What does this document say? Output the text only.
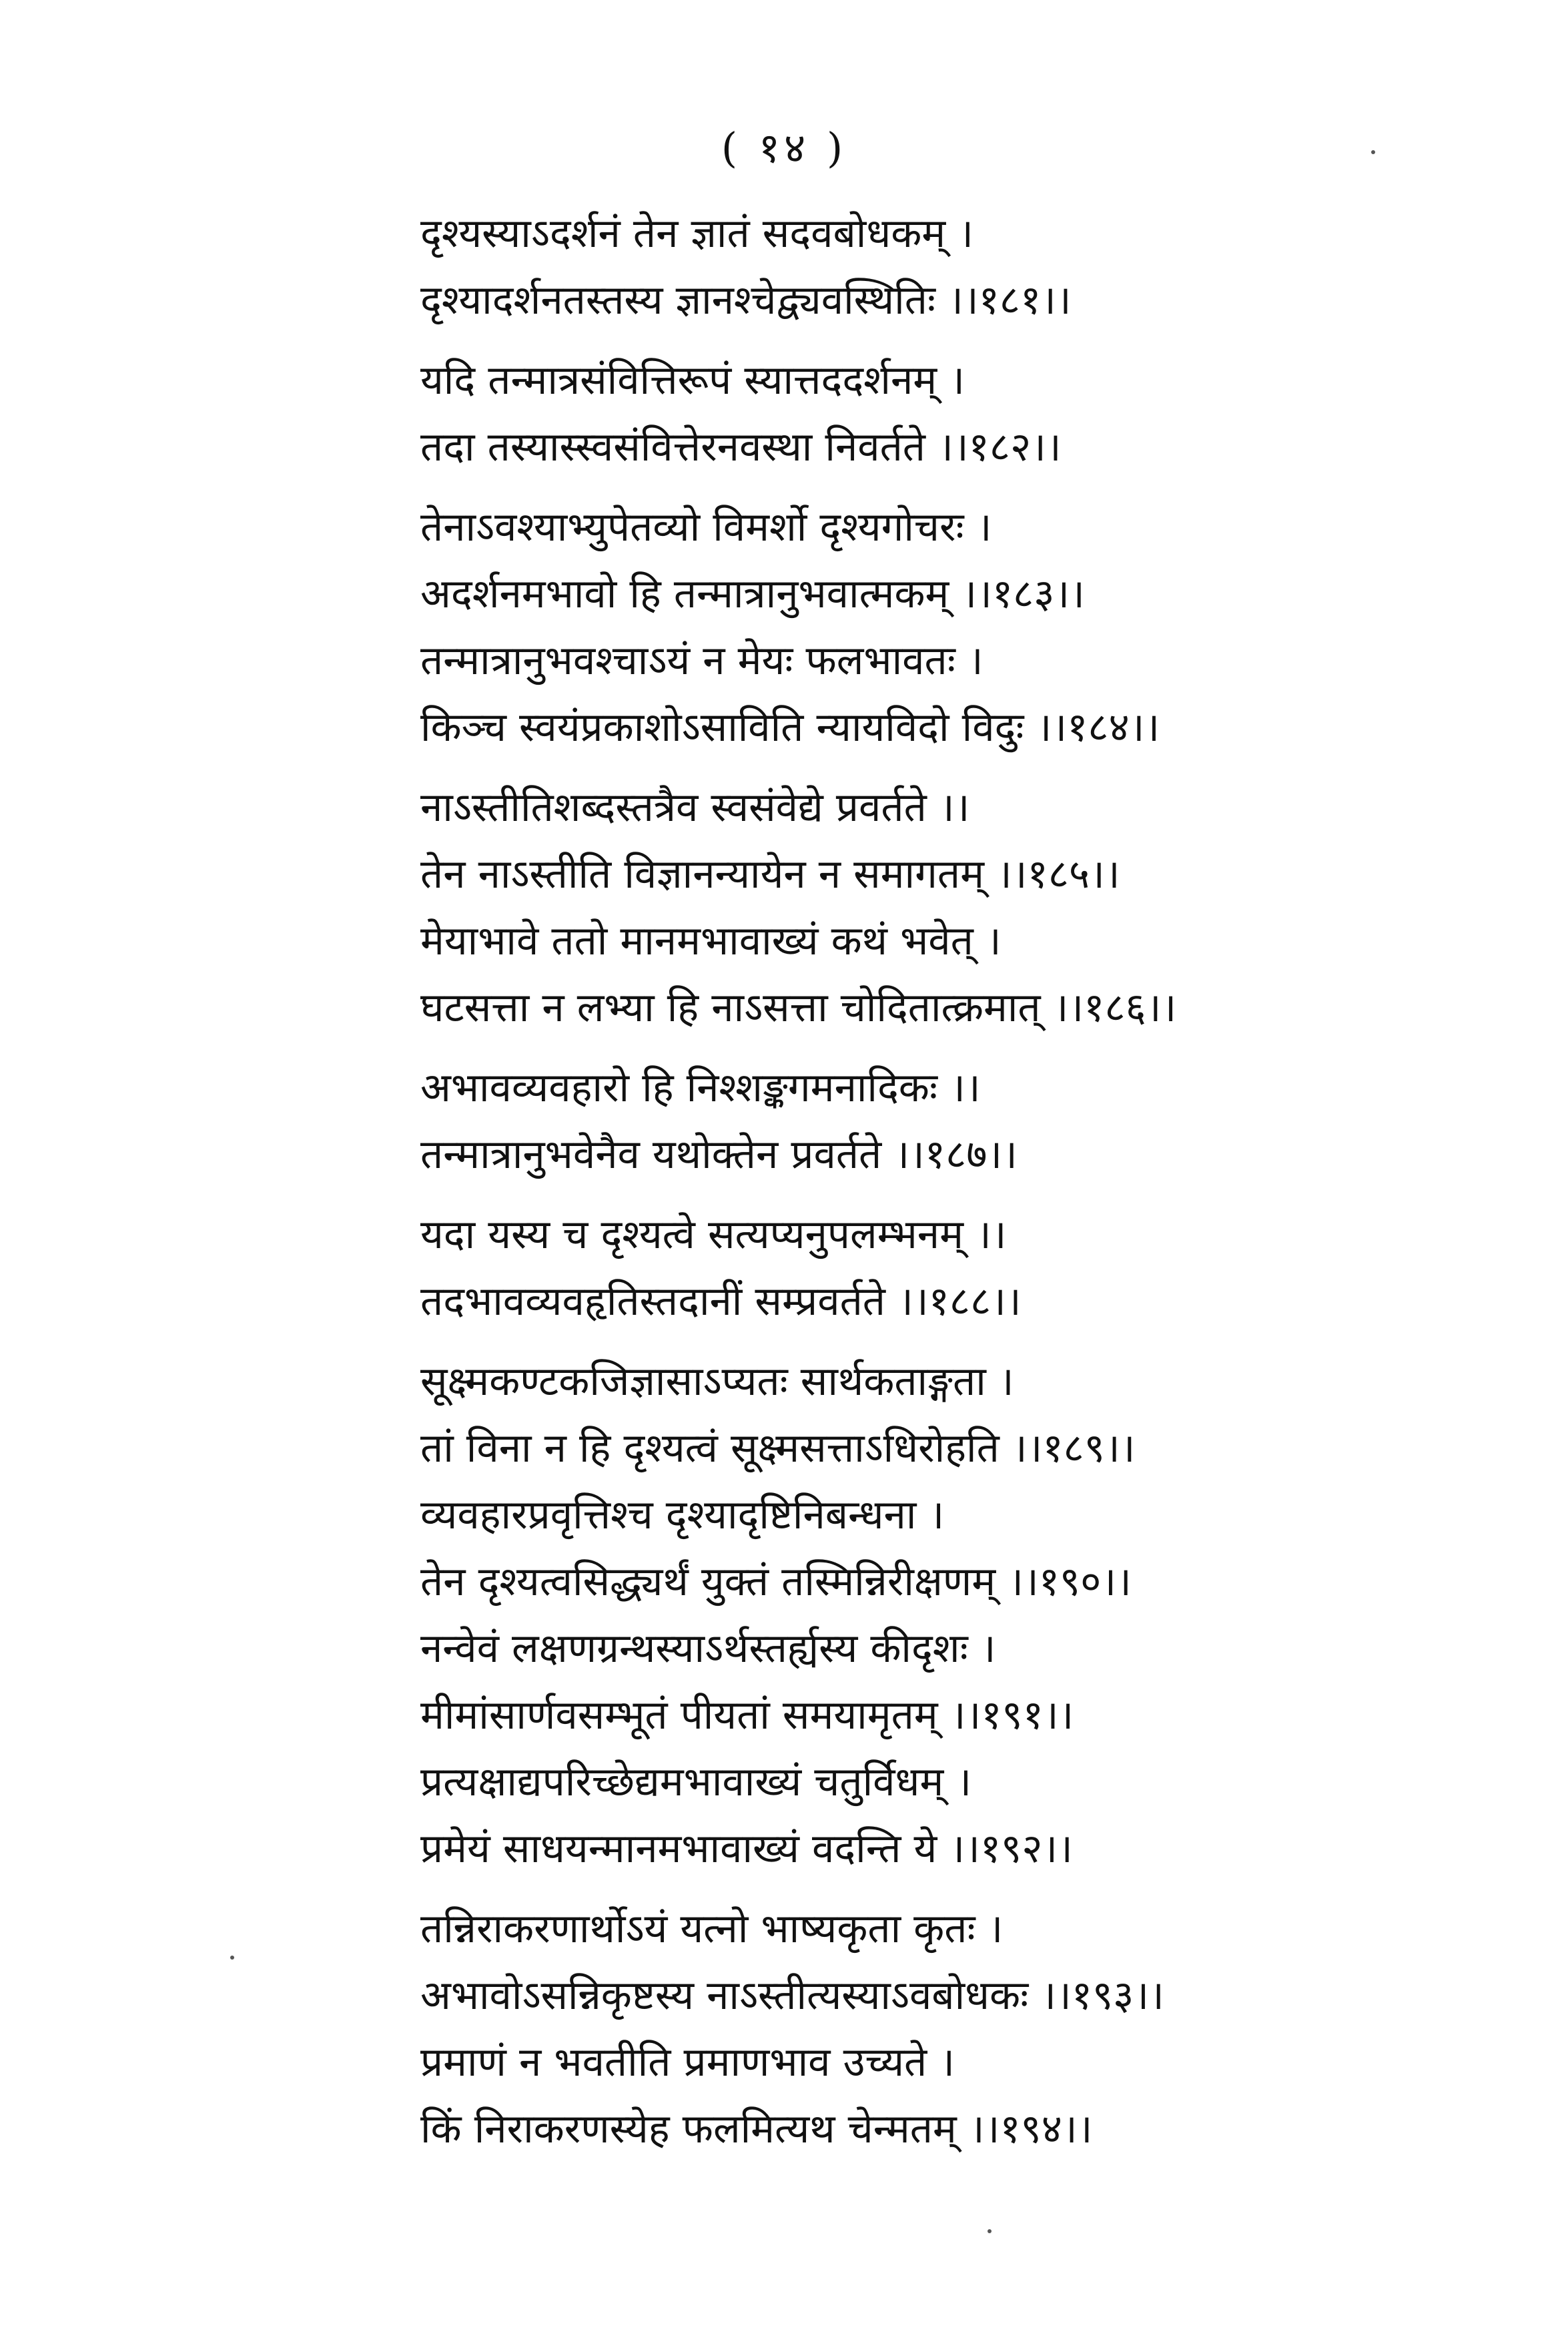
( १४ )
दृश्यस्याऽदर्शनं तेन ज्ञातं सदवबोधकम् ।
दृश्यादर्शनतस्तस्य ज्ञानश्चेद्व्यवस्थितिः ।।१८१।।
यदि तन्मात्रसंवित्तिरूपं स्यात्तददर्शनम् ।
तदा तस्यास्स्वसंवित्तेरनवस्था निवर्तते ।।१८२।।
तेनाऽवश्याभ्युपेतव्यो विमर्शो दृश्यगोचरः ।
अदर्शनमभावो हि तन्मात्रानुभवात्मकम् ।।१८३।।
तन्मात्रानुभवश्चाऽयं न मेयः फलभावतः ।
किञ्च स्वयंप्रकाशोऽसाविति न्यायविदो विदुः ।।१८४।।
नाऽस्तीतिशब्दस्तत्रैव स्वसंवेद्ये प्रवर्तते ।।
तेन नाऽस्तीति विज्ञानन्यायेन न समागतम् ।।१८५।।
मेयाभावे ततो मानमभावाख्यं कथं भवेत् ।
घटसत्ता न लभ्या हि नाऽसत्ता चोदितात्क्रमात् ।।१८६।।
अभावव्यवहारो हि निश्शङ्कगमनादिकः ।।
तन्मात्रानुभवेनैव यथोक्तेन प्रवर्तते ।।१८७।।
यदा यस्य च दृश्यत्वे सत्यप्यनुपलम्भनम् ।।
तदभावव्यवहृतिस्तदानीं सम्प्रवर्तते ।।१८८।।
सूक्ष्मकण्टकजिज्ञासाऽप्यतः सार्थकताङ्गता ।
तां विना न हि दृश्यत्वं सूक्ष्मसत्ताऽधिरोहति ।।१८९।।
व्यवहारप्रवृत्तिश्च दृश्यादृष्टिनिबन्धना ।
तेन दृश्यत्वसिद्ध्यर्थं युक्तं तस्मिन्निरीक्षणम् ।।१९०।।
नन्वेवं लक्षणग्रन्थस्याऽर्थस्तर्ह्यस्य कीदृशः ।
मीमांसार्णवसम्भूतं पीयतां समयामृतम् ।।१९१।।
प्रत्यक्षाद्यपरिच्छेद्यमभावाख्यं चतुर्विधम् ।
प्रमेयं साधयन्मानमभावाख्यं वदन्ति ये ।।१९२।।
तन्निराकरणार्थोऽयं यत्नो भाष्यकृता कृतः ।
अभावोऽसन्निकृष्टस्य नाऽस्तीत्यस्याऽवबोधकः ।।१९३।।
प्रमाणं न भवतीति प्रमाणभाव उच्यते ।
किं निराकरणस्येह फलमित्यथ चेन्मतम् ।।१९४।।
